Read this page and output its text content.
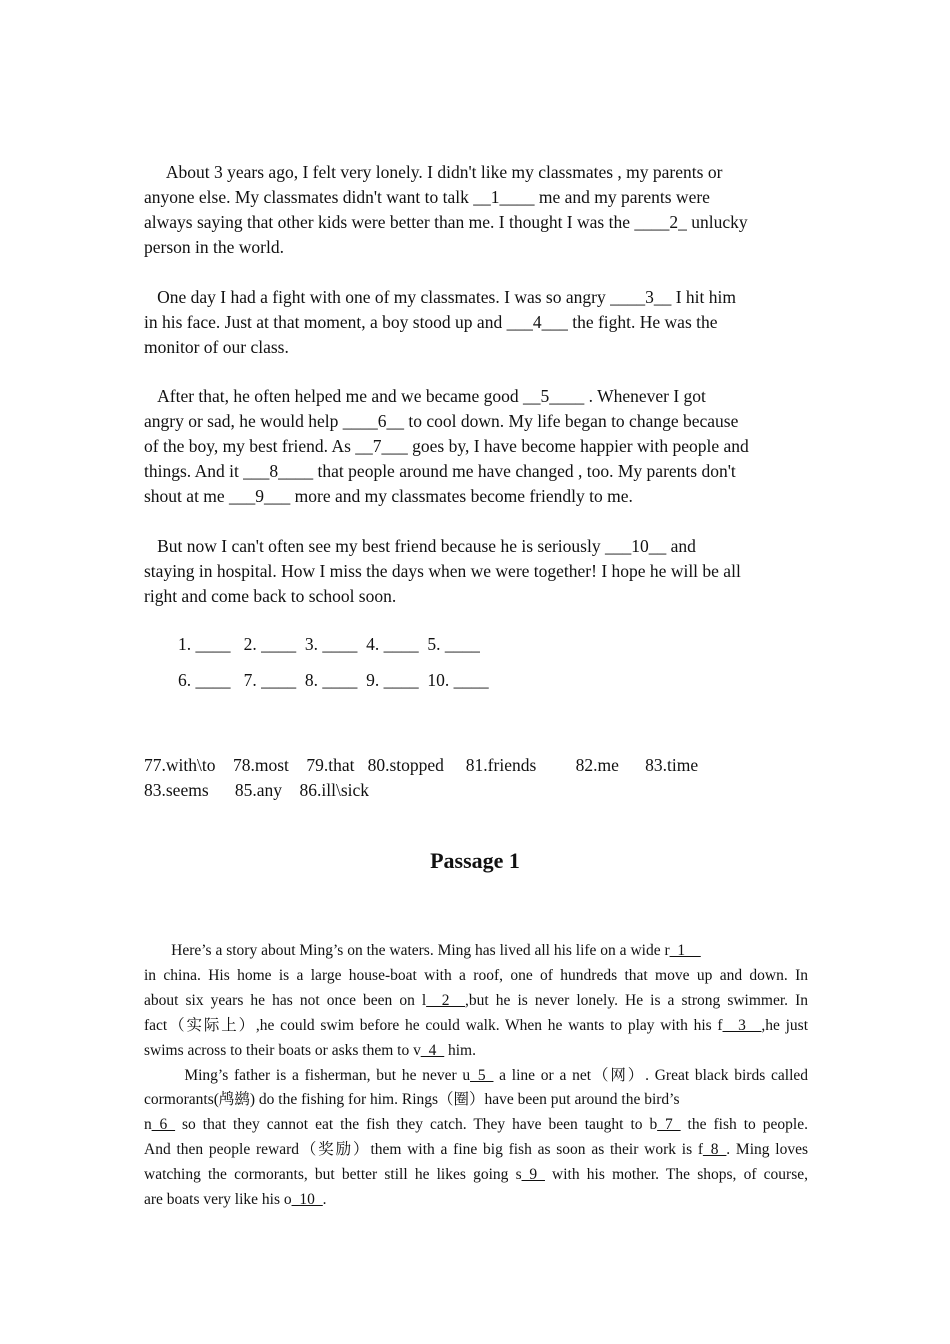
About 3 years ago, I felt very lonely. I didn't like my classmates , my parents or
anyone else. My classmates didn't want to talk __1____ me and my parents were
always saying that other kids were better than me. I thought I was the ____2_ unlucky
person in the world.
One day I had a fight with one of my classmates. I was so angry ____3__ I hit him
in his face. Just at that moment, a boy stood up and ___4___ the fight. He was the
monitor of our class.
After that, he often helped me and we became good __5____ . Whenever I got
angry or sad, he would help ____6__ to cool down. My life began to change because
of the boy, my best friend. As __7___ goes by, I have become happier with people and
things. And it ___8____ that people around me have changed , too. My parents don't
shout at me ___9___ more and my classmates become friendly to me.
But now I can't often see my best friend because he is seriously ___10__ and
staying in hospital. How I miss the days when we were together! I hope he will be all
right and come back to school soon.
1. ____   2. ____  3. ____  4. ____  5. ____
6. ____   7. ____  8. ____  9. ____  10. ____
77.with\to    78.most    79.that   80.stopped     81.friends         82.me      83.time
83.seems      85.any    86.ill\sick
Passage 1
Here’s a story about Ming’s on the waters. Ming has lived all his life on a wide r_1__
in china. His home is a large house-boat with a roof, one of hundreds that move up and down. In
about six years he has not once been on l__2__,but he is never lonely. He is a strong swimmer. In
fact（实际上）,he could swim before he could walk. When he wants to play with his f__3__,he just
swims across to their boats or asks them to v_4_ him.
Ming’s father is a fisherman, but he never u_5_ a line or a net（网）. Great black birds called
cormorants(鸬鹚) do the fishing for him. Rings（圈）have been put around the bird’s
n_6_ so that they cannot eat the fish they catch. They have been taught to b_7_ the fish to people.
And then people reward（奖励）them with a fine big fish as soon as their work is f_8_. Ming loves
watching the cormorants, but better still he likes going s_9_ with his mother. The shops, of course,
are boats very like his o_10_.
